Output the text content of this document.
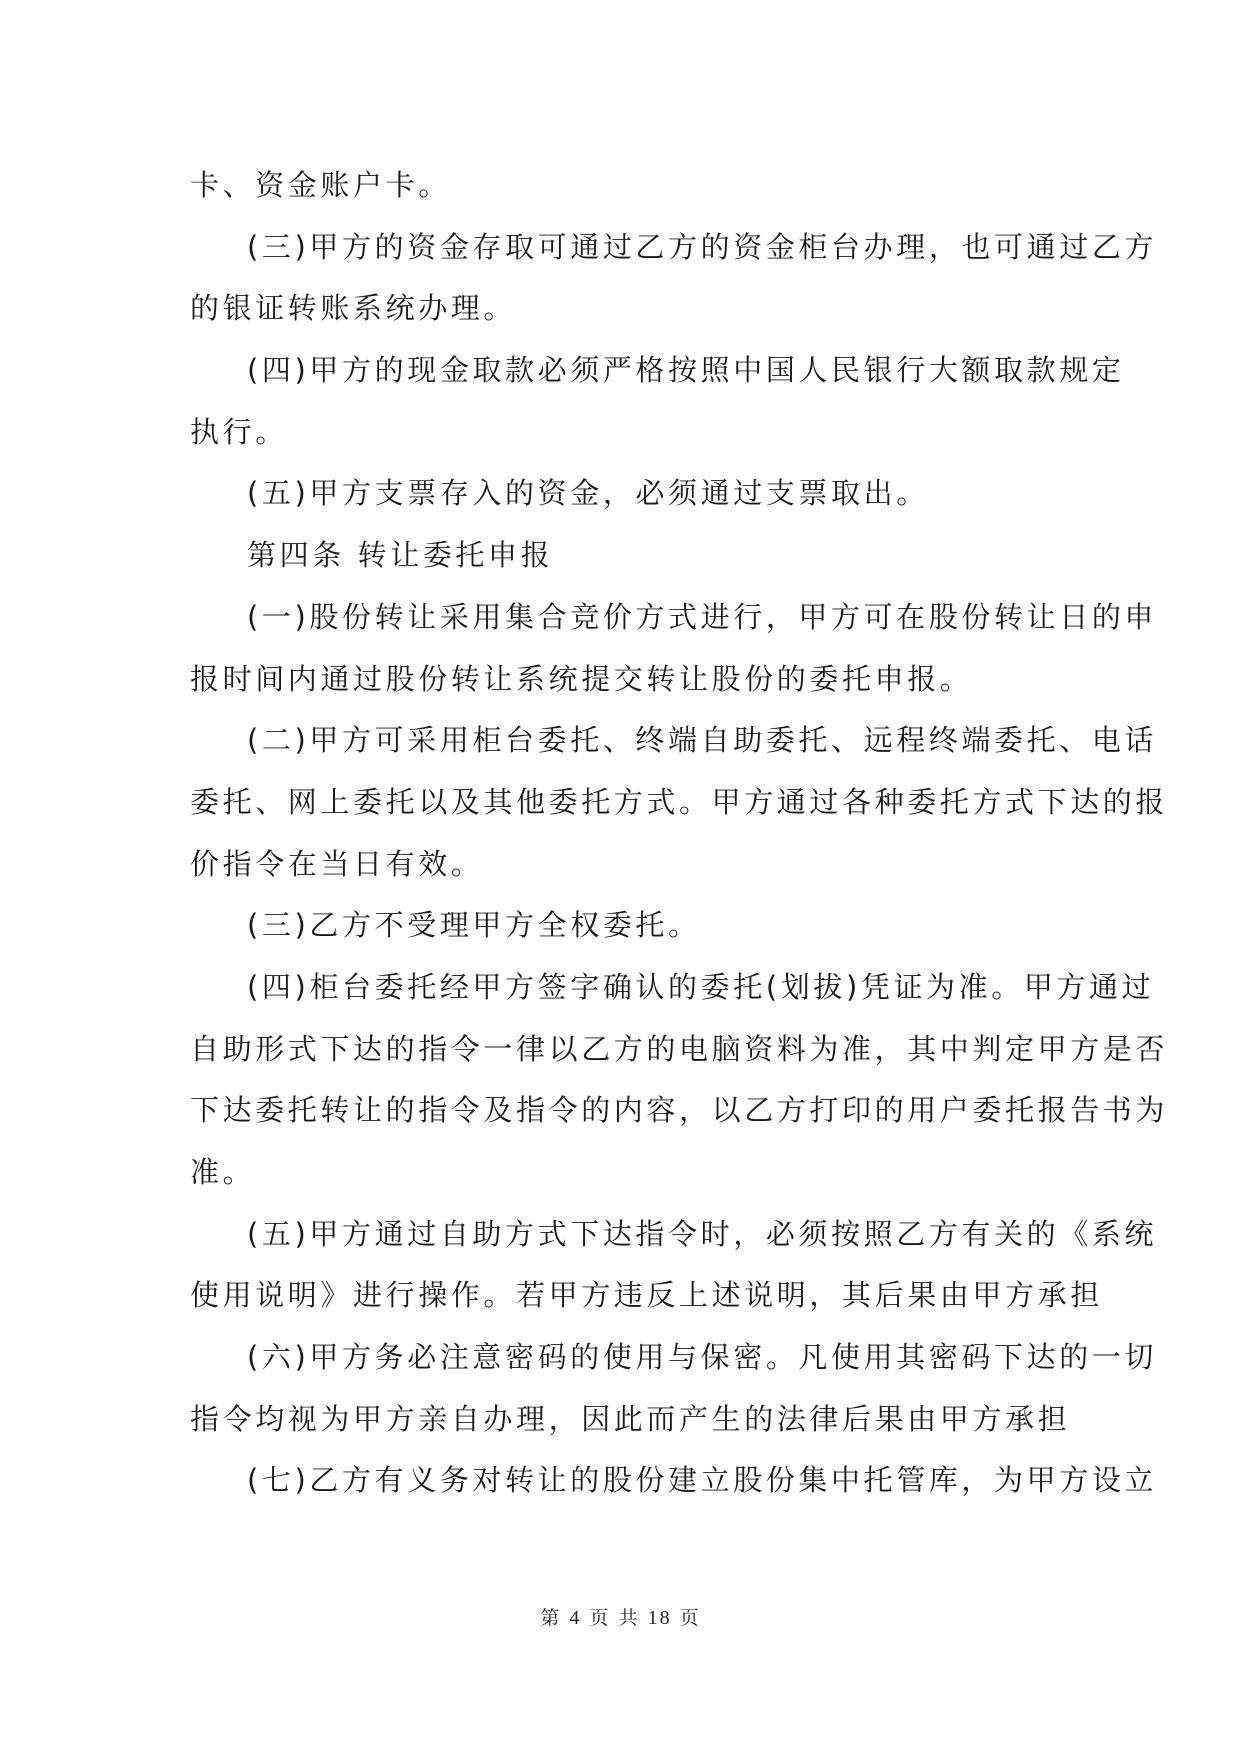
卡、资金账户卡。
(三)甲方的资金存取可通过乙方的资金柜台办理，也可通过乙方
的银证转账系统办理。
(四)甲方的现金取款必须严格按照中国人民银行大额取款规定
执行。
(五)甲方支票存入的资金，必须通过支票取出。
第四条 转让委托申报
(一)股份转让采用集合竞价方式进行，甲方可在股份转让日的申
报时间内通过股份转让系统提交转让股份的委托申报。
(二)甲方可采用柜台委托、终端自助委托、远程终端委托、电话
委托、网上委托以及其他委托方式。甲方通过各种委托方式下达的报
价指令在当日有效。
(三)乙方不受理甲方全权委托。
(四)柜台委托经甲方签字确认的委托(划拔)凭证为准。甲方通过
自助形式下达的指令一律以乙方的电脑资料为准，其中判定甲方是否
下达委托转让的指令及指令的内容，以乙方打印的用户委托报告书为
准。
(五)甲方通过自助方式下达指令时，必须按照乙方有关的《系统
使用说明》进行操作。若甲方违反上述说明，其后果由甲方承担
(六)甲方务必注意密码的使用与保密。凡使用其密码下达的一切
指令均视为甲方亲自办理，因此而产生的法律后果由甲方承担
(七)乙方有义务对转让的股份建立股份集中托管库，为甲方设立
第 4 页 共 18 页
